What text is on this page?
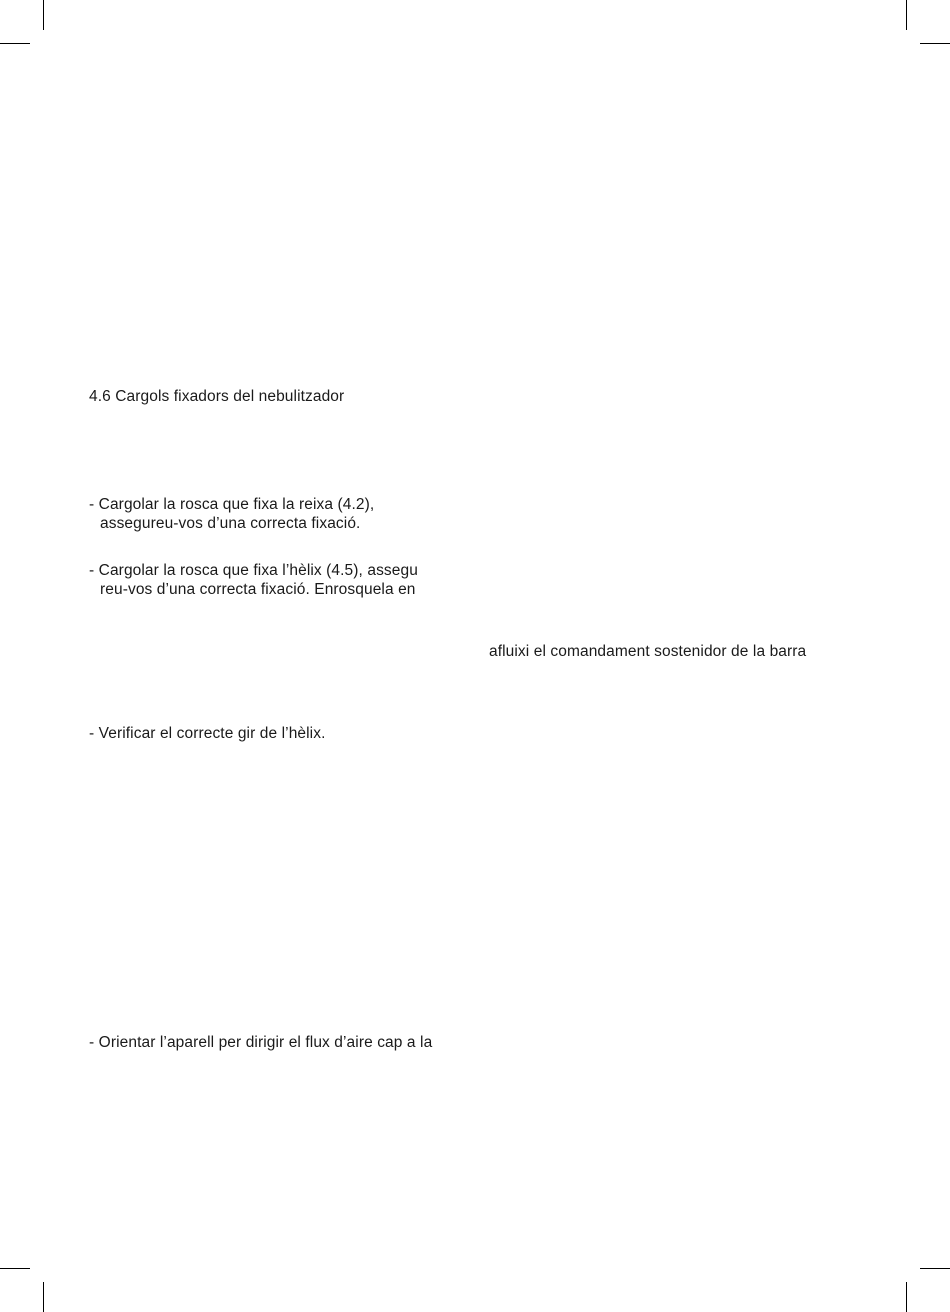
4.6 Cargols fixadors del nebulitzador
- Cargolar la rosca que fixa la reixa (4.2),
assegureu-vos d’una correcta fixació.
- Cargolar la rosca que fixa l’hèlix (4.5), assegu
reu-vos d’una correcta fixació. Enrosquela en
afluixi el comandament sostenidor de la barra
- Verificar el correcte gir de l’hèlix.
- Orientar l’aparell per dirigir el flux d’aire cap a la
